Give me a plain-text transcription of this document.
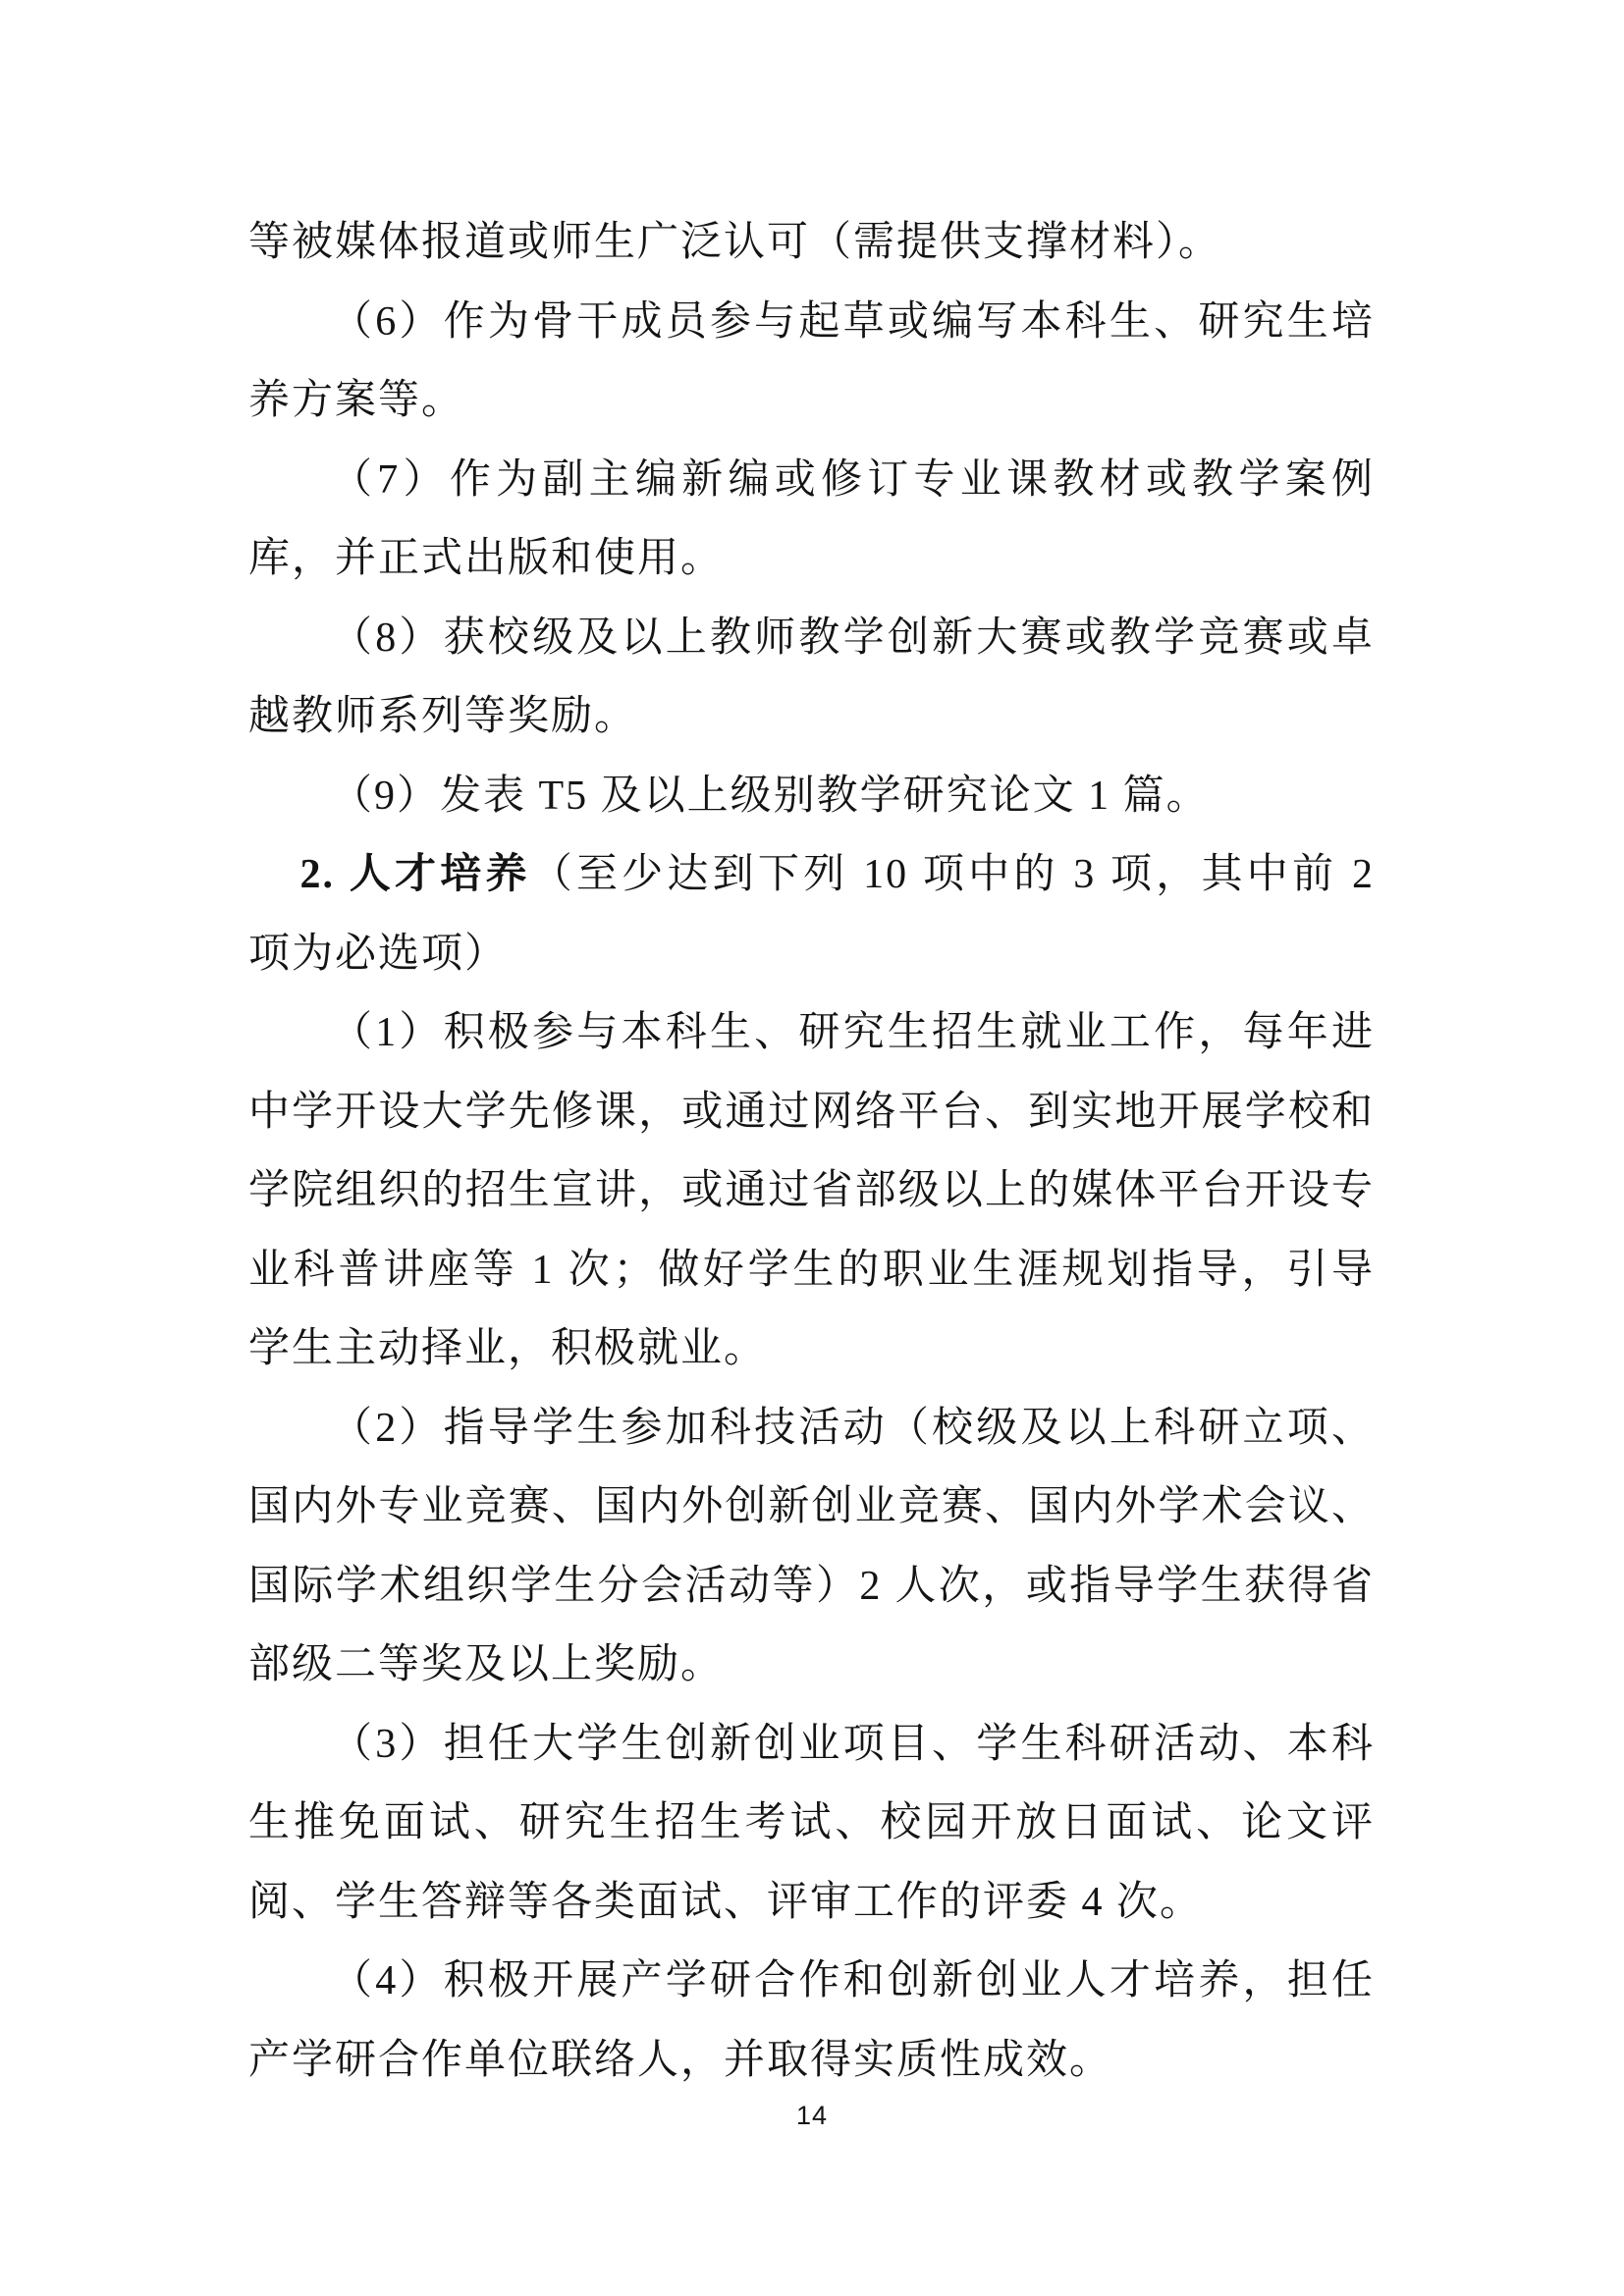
等被媒体报道或师生广泛认可（需提供支撑材料）。

（6）作为骨干成员参与起草或编写本科生、研究生培养方案等。

（7）作为副主编新编或修订专业课教材或教学案例库，并正式出版和使用。

（8）获校级及以上教师教学创新大赛或教学竞赛或卓越教师系列等奖励。

（9）发表 T5 及以上级别教学研究论文 1 篇。

2. 人才培养（至少达到下列 10 项中的 3 项，其中前 2 项为必选项）

（1）积极参与本科生、研究生招生就业工作，每年进中学开设大学先修课，或通过网络平台、到实地开展学校和学院组织的招生宣讲，或通过省部级以上的媒体平台开设专业科普讲座等 1 次；做好学生的职业生涯规划指导，引导学生主动择业，积极就业。

（2）指导学生参加科技活动（校级及以上科研立项、国内外专业竞赛、国内外创新创业竞赛、国内外学术会议、国际学术组织学生分会活动等）2 人次，或指导学生获得省部级二等奖及以上奖励。

（3）担任大学生创新创业项目、学生科研活动、本科生推免面试、研究生招生考试、校园开放日面试、论文评阅、学生答辩等各类面试、评审工作的评委 4 次。

（4）积极开展产学研合作和创新创业人才培养，担任产学研合作单位联络人，并取得实质性成效。

14
